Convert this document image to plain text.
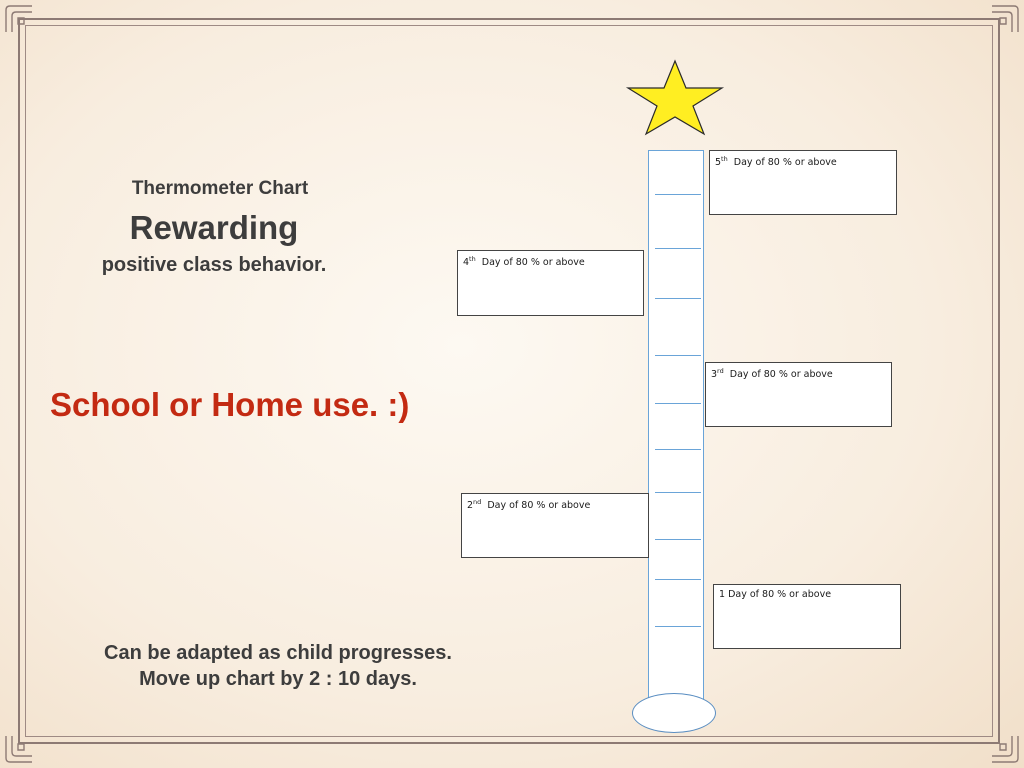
Thermometer Chart
Rewarding
positive class behavior.
School or Home use. :)
Can be adapted as child progresses.
Move up chart by 2 : 10 days.
5th Day of 80 % or above
4th Day of 80 % or above
3rd Day of 80 % or above
2nd Day of 80 % or above
1 Day of 80 % or above
